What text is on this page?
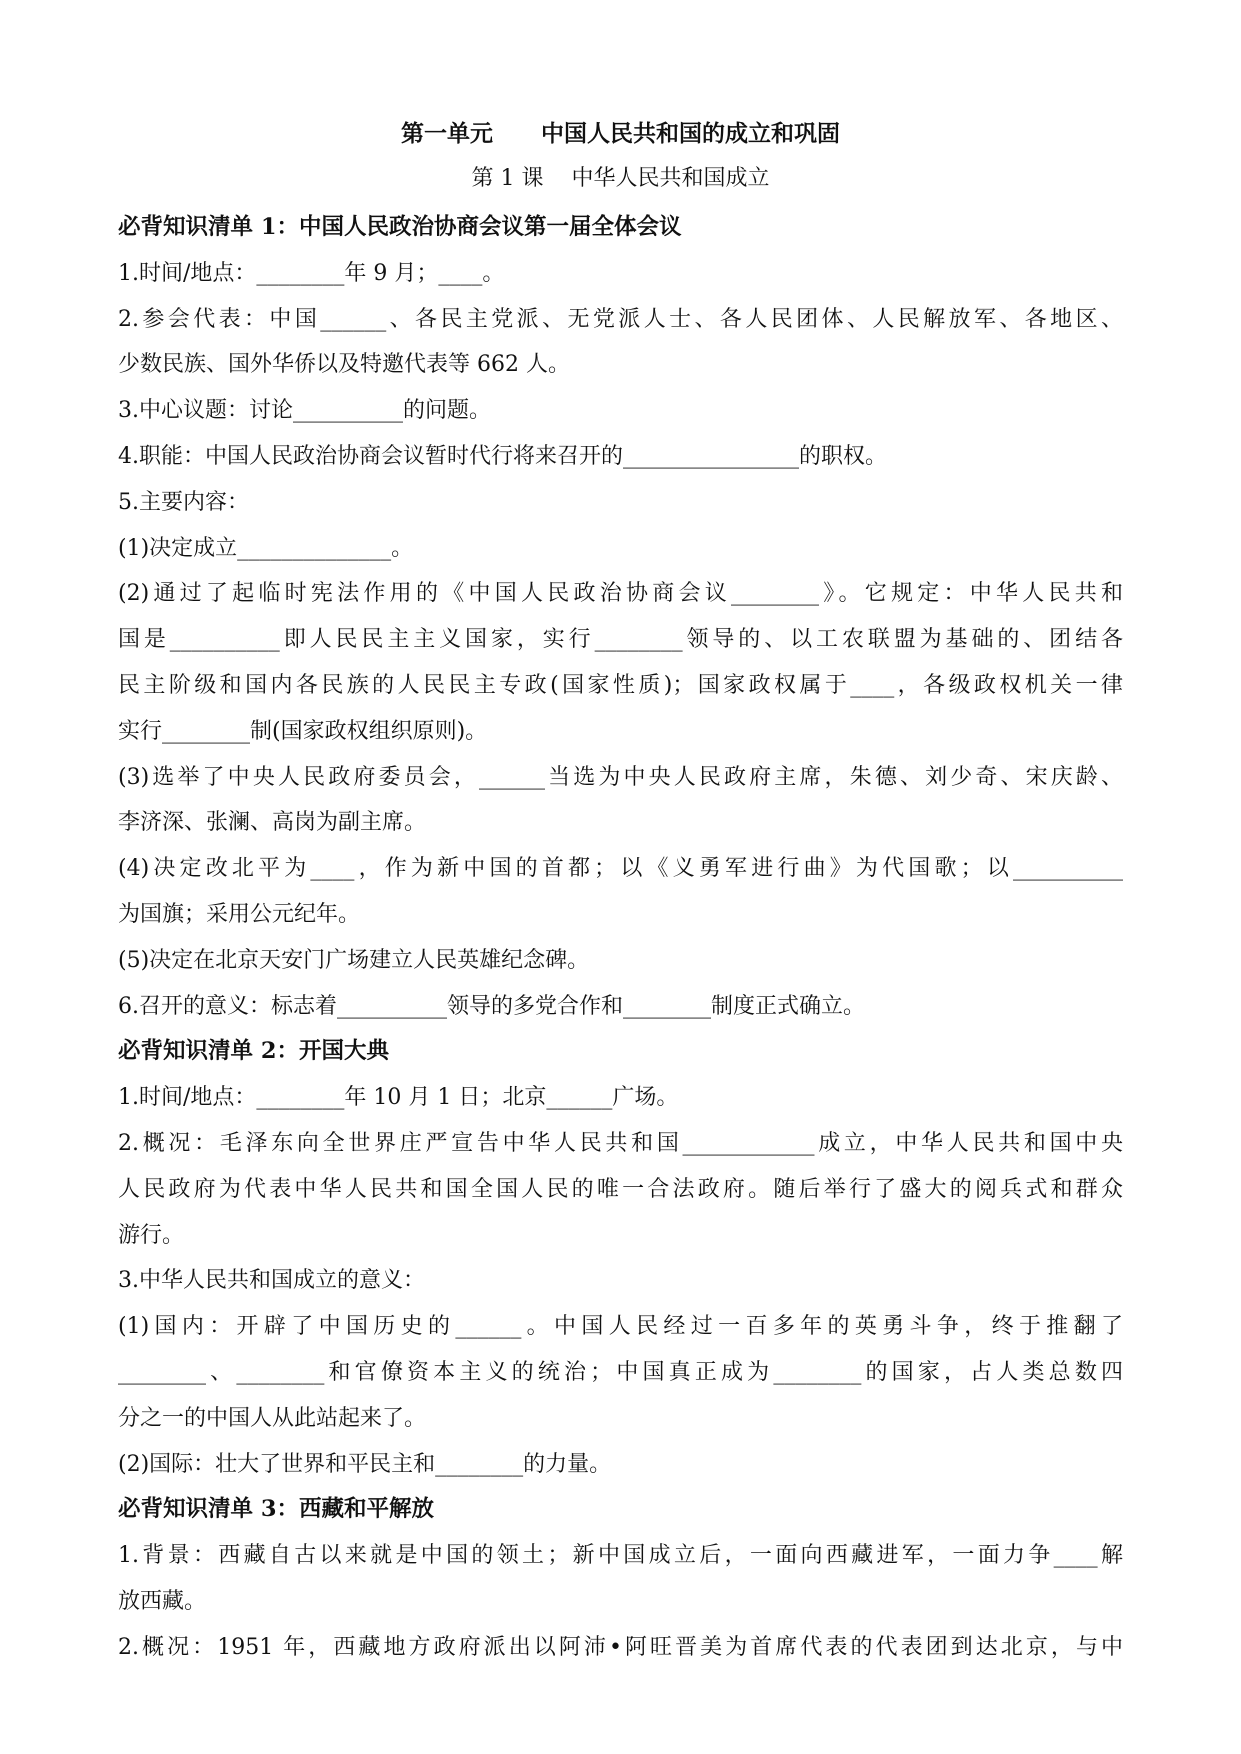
第一单元      中国人民共和国的成立和巩固
第 1 课    中华人民共和国成立
必背知识清单 1：中国人民政治协商会议第一届全体会议
1.时间/地点：________年 9 月；____。
2.参会代表：中国______、各民主党派、无党派人士、各人民团体、人民解放军、各地区、
少数民族、国外华侨以及特邀代表等 662 人。
3.中心议题：讨论__________的问题。
4.职能：中国人民政治协商会议暂时代行将来召开的________________的职权。
5.主要内容：
(1)决定成立______________。
(2)通过了起临时宪法作用的《中国人民政治协商会议________》。它规定：中华人民共和
国是__________即人民民主主义国家，实行________领导的、以工农联盟为基础的、团结各
民主阶级和国内各民族的人民民主专政(国家性质)；国家政权属于____，各级政权机关一律
实行________制(国家政权组织原则)。
(3)选举了中央人民政府委员会，______当选为中央人民政府主席，朱德、刘少奇、宋庆龄、
李济深、张澜、高岗为副主席。
(4)决定改北平为____，作为新中国的首都；以《义勇军进行曲》为代国歌；以__________
为国旗；采用公元纪年。
(5)决定在北京天安门广场建立人民英雄纪念碑。
6.召开的意义：标志着__________领导的多党合作和________制度正式确立。
必背知识清单 2：开国大典
1.时间/地点：________年 10 月 1 日；北京______广场。
2.概况：毛泽东向全世界庄严宣告中华人民共和国____________成立，中华人民共和国中央
人民政府为代表中华人民共和国全国人民的唯一合法政府。随后举行了盛大的阅兵式和群众
游行。
3.中华人民共和国成立的意义：
(1)国内：开辟了中国历史的______。中国人民经过一百多年的英勇斗争，终于推翻了
________、________和官僚资本主义的统治；中国真正成为________的国家，占人类总数四
分之一的中国人从此站起来了。
(2)国际：壮大了世界和平民主和________的力量。
必背知识清单 3：西藏和平解放
1.背景：西藏自古以来就是中国的领土；新中国成立后，一面向西藏进军，一面力争____解
放西藏。
2.概况：1951 年，西藏地方政府派出以阿沛•阿旺晋美为首席代表的代表团到达北京，与中
